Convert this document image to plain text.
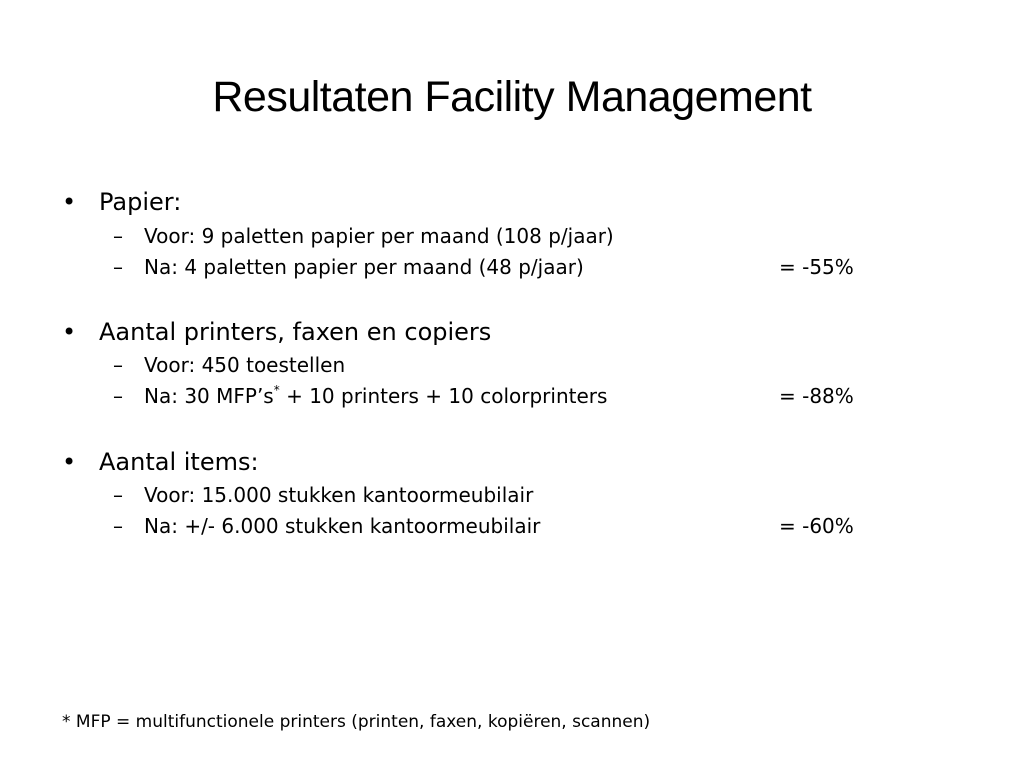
Resultaten Facility Management
• Papier:
– Voor: 9 paletten papier per maand (108 p/jaar)
– Na: 4 paletten papier per maand (48 p/jaar)	= -55%
• Aantal printers, faxen en copiers
– Voor: 450 toestellen
– Na: 30 MFP’s* + 10 printers + 10 colorprinters	= -88%
• Aantal items:
– Voor: 15.000 stukken kantoormeubilair
– Na: +/- 6.000 stukken kantoormeubilair	= -60%
* MFP = multifunctionele printers (printen, faxen, kopiëren, scannen)
